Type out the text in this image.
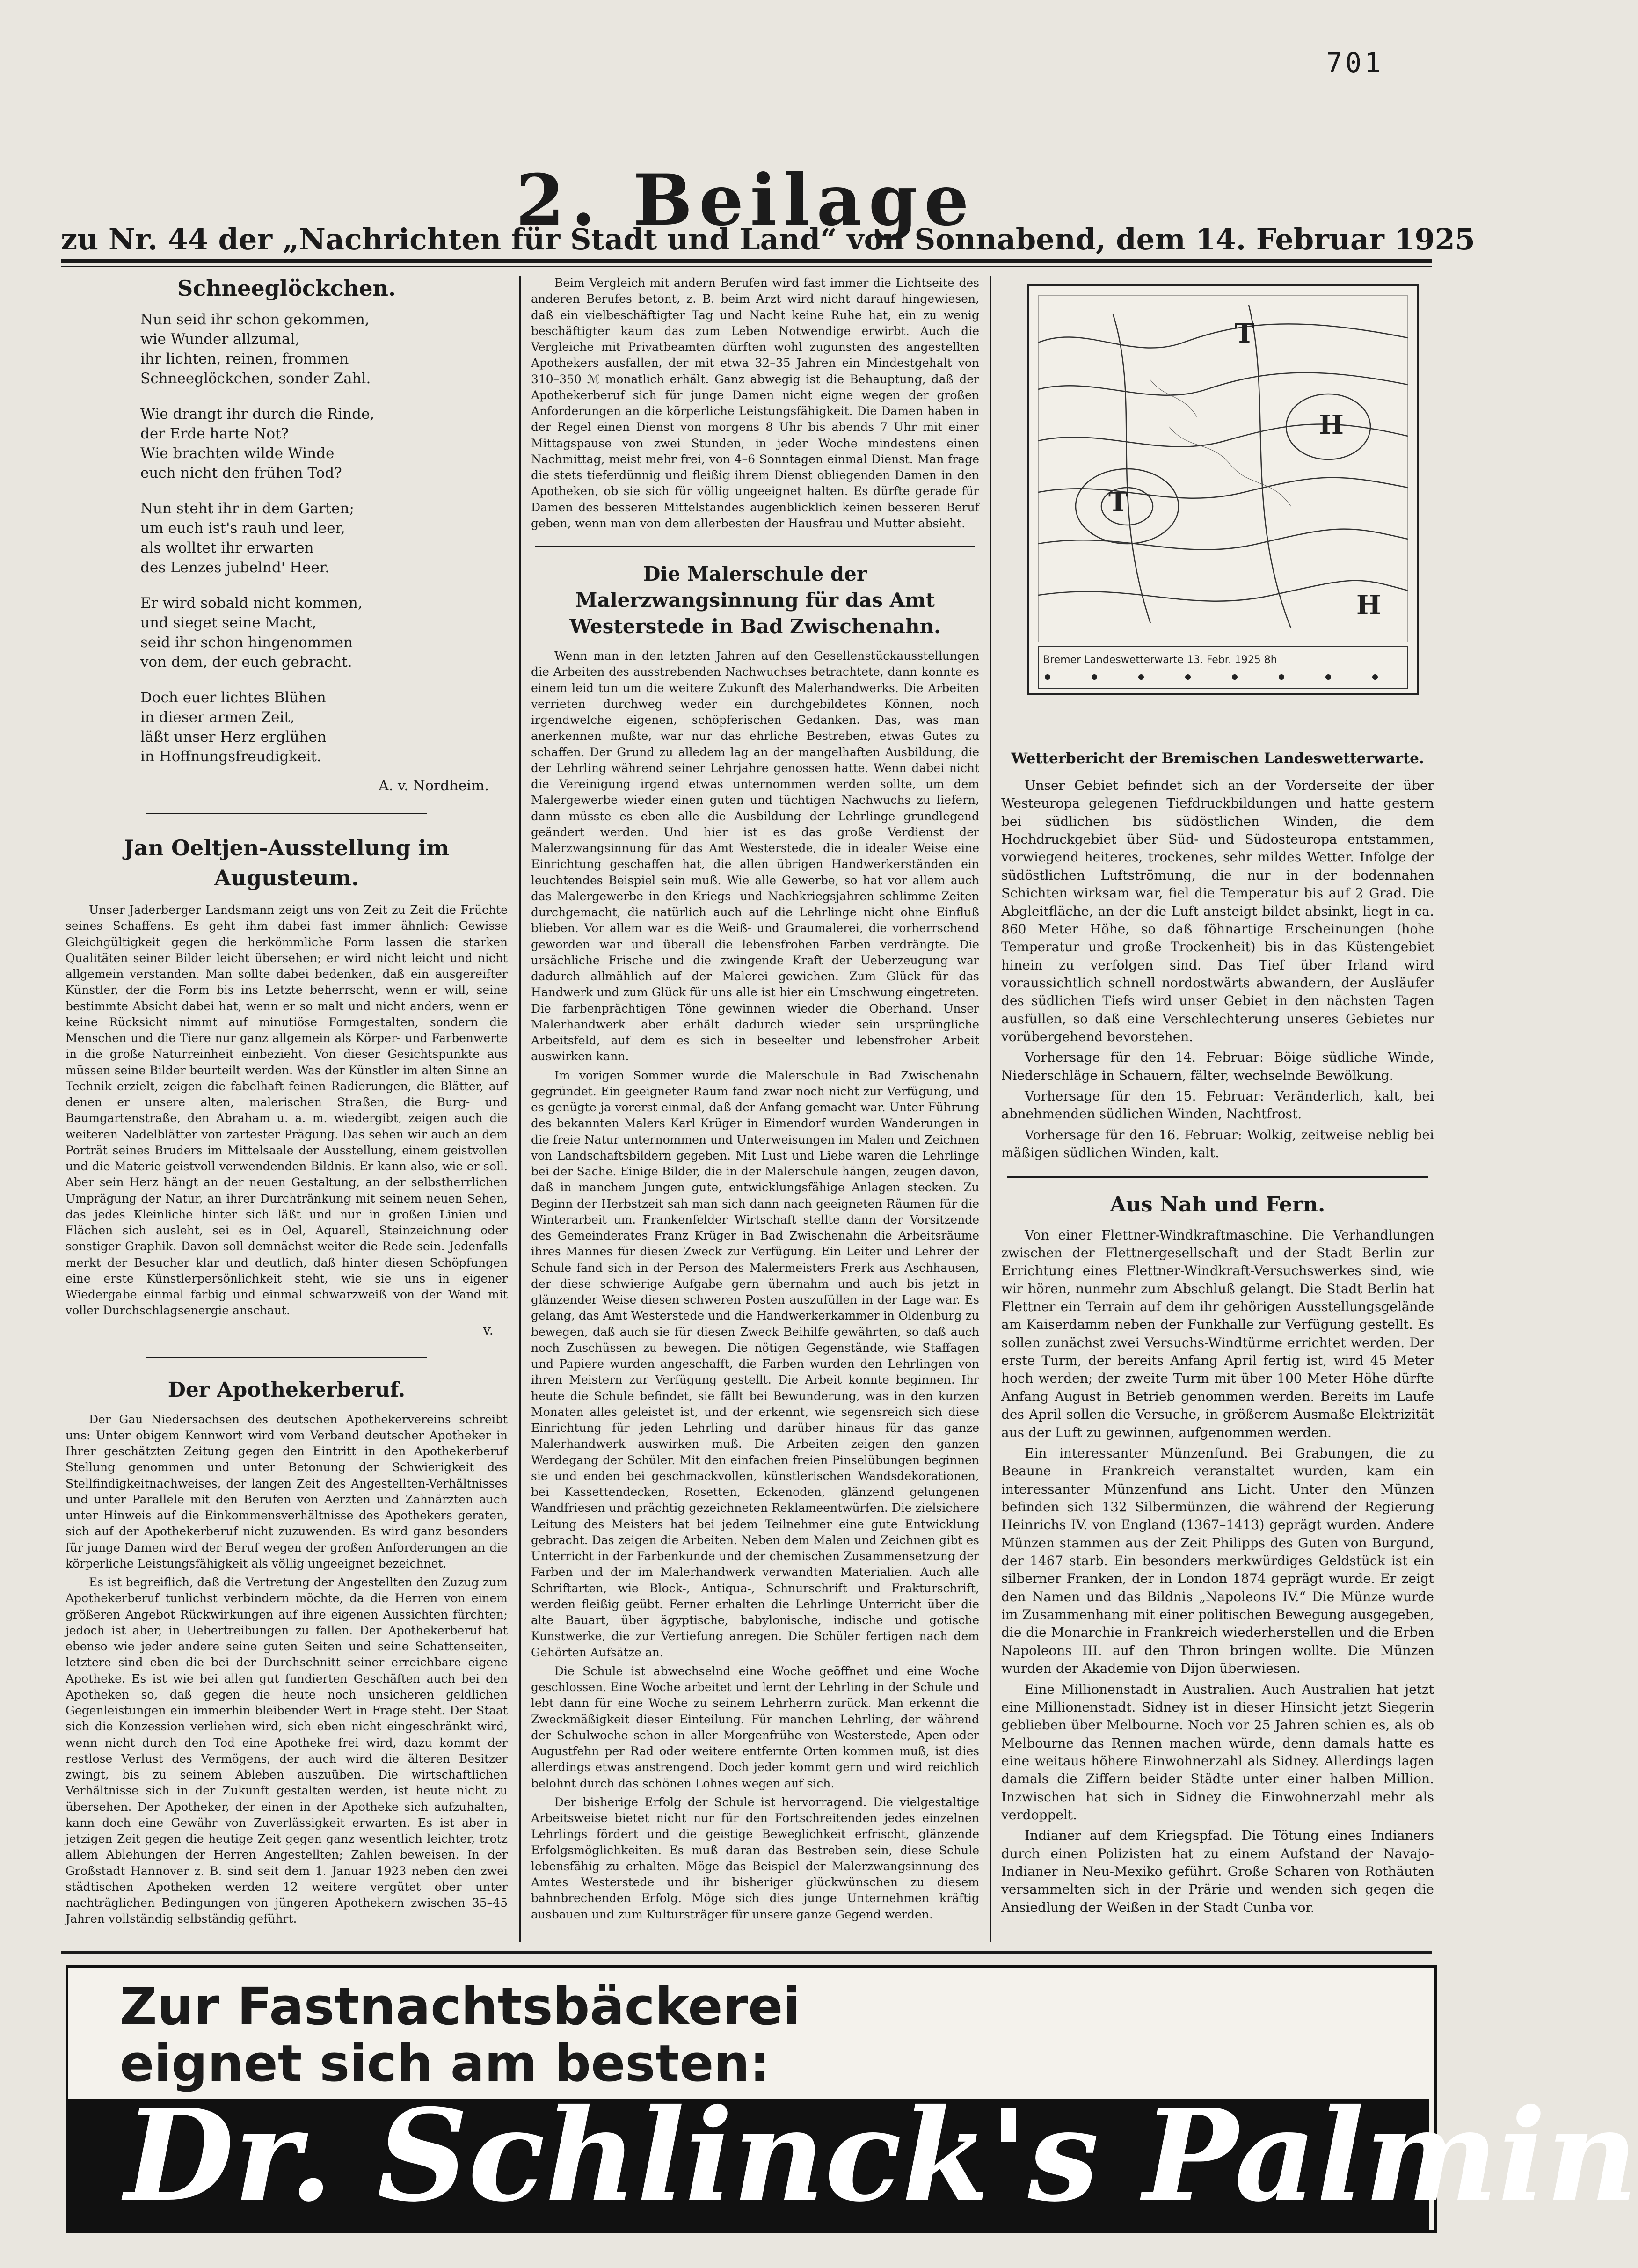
701
2. Beilage
zu Nr. 44 der „Nachrichten für Stadt und Land“ von Sonnabend, dem 14. Februar 1925
Schneeglöckchen.
Nun seid ihr schon gekommen,
wie Wunder allzumal,
ihr lichten, reinen, frommen
Schneeglöckchen, sonder Zahl.
Wie drangt ihr durch die Rinde,
der Erde harte Not?
Wie brachten wilde Winde
euch nicht den frühen Tod?
Nun steht ihr in dem Garten;
um euch ist's rauh und leer,
als wolltet ihr erwarten
des Lenzes jubelnd' Heer.
Er wird sobald nicht kommen,
und sieget seine Macht,
seid ihr schon hingenommen
von dem, der euch gebracht.
Doch euer lichtes Blühen
in dieser armen Zeit,
läßt unser Herz erglühen
in Hoffnungsfreudigkeit.
A. v. Nordheim.
Jan Oeltjen-Ausstellung im Augusteum.

Unser Jaderberger Landsmann zeigt uns von Zeit zu Zeit die Früchte seines Schaffens. Es geht ihm dabei fast immer ähnlich: Gewisse Gleichgültigkeit gegen die herkömmliche Form lassen die starken Qualitäten seiner Bilder leicht übersehen; er wird nicht leicht und nicht allgemein verstanden. Man sollte dabei bedenken, daß ein ausgereifter Künstler, der die Form bis ins Letzte beherrscht, wenn er will, seine bestimmte Absicht dabei hat, wenn er so malt und nicht anders, wenn er keine Rücksicht nimmt auf minutiöse Formgestalten, sondern die Menschen und die Tiere nur ganz allgemein als Körper- und Farbenwerte in die große Naturreinheit einbezieht. Von dieser Gesichtspunkte aus müssen seine Bilder beurteilt werden. Was der Künstler im alten Sinne an Technik erzielt, zeigen die fabelhaft feinen Radierungen, die Blätter, auf denen er unsere alten, malerischen Straßen, die Burg- und Baumgartenstraße, den Abraham u. a. m. wiedergibt, zeigen auch die weiteren Nadelblätter von zartester Prägung. Das sehen wir auch an dem Porträt seines Bruders im Mittelsaale der Ausstellung, einem geistvollen und die Materie geistvoll verwendenden Bildnis. Er kann also, wie er soll. Aber sein Herz hängt an der neuen Gestaltung, an der selbstherrlichen Umprägung der Natur, an ihrer Durchtränkung mit seinem neuen Sehen, das jedes Kleinliche hinter sich läßt und nur in großen Linien und Flächen sich ausleht, sei es in Oel, Aquarell, Steinzeichnung oder sonstiger Graphik. Davon soll demnächst weiter die Rede sein. Jedenfalls merkt der Besucher klar und deutlich, daß hinter diesen Schöpfungen eine erste Künstlerpersönlichkeit steht, wie sie uns in eigener Wiedergabe einmal farbig und einmal schwarzweiß von der Wand mit voller Durchschlagsenergie anschaut.

v.
Der Apothekerberuf.

Der Gau Niedersachsen des deutschen Apothekervereins schreibt uns: Unter obigem Kennwort wird vom Verband deutscher Apotheker in Ihrer geschätzten Zeitung gegen den Eintritt in den Apothekerberuf Stellung genommen und unter Betonung der Schwierigkeit des Stellfindigkeitnachweises, der langen Zeit des Angestellten-Verhältnisses und unter Parallele mit den Berufen von Aerzten und Zahnärzten auch unter Hinweis auf die Einkommensverhältnisse des Apothekers geraten, sich auf der Apothekerberuf nicht zuzuwenden. Es wird ganz besonders für junge Damen wird der Beruf wegen der großen Anforderungen an die körperliche Leistungsfähigkeit als völlig ungeeignet bezeichnet.

Es ist begreiflich, daß die Vertretung der Angestellten den Zuzug zum Apothekerberuf tunlichst verbindern möchte, da die Herren von einem größeren Angebot Rückwirkungen auf ihre eigenen Aussichten fürchten; jedoch ist aber, in Uebertreibungen zu fallen. Der Apothekerberuf hat ebenso wie jeder andere seine guten Seiten und seine Schattenseiten, letztere sind eben die bei der Durchschnitt seiner erreichbare eigene Apotheke. Es ist wie bei allen gut fundierten Geschäften auch bei den Apotheken so, daß gegen die heute noch unsicheren geldlichen Gegenleistungen ein immerhin bleibender Wert in Frage steht. Der Staat sich die Konzession verliehen wird, sich eben nicht eingeschränkt wird, wenn nicht durch den Tod eine Apotheke frei wird, dazu kommt der restlose Verlust des Vermögens, der auch wird die älteren Besitzer zwingt, bis zu seinem Ableben auszuüben. Die wirtschaftlichen Verhältnisse sich in der Zukunft gestalten werden, ist heute nicht zu übersehen. Der Apotheker, der einen in der Apotheke sich aufzuhalten, kann doch eine Gewähr von Zuverlässigkeit erwarten. Es ist aber in jetzigen Zeit gegen die heutige Zeit gegen ganz wesentlich leichter, trotz allem Ablehungen der Herren Angestellten; Zahlen beweisen. In der Großstadt Hannover z. B. sind seit dem 1. Januar 1923 neben den zwei städtischen Apotheken werden 12 weitere vergütet ober unter nachträglichen Bedingungen von jüngeren Apothekern zwischen 35–45 Jahren vollständig selbständig geführt.

Beim Vergleich mit andern Berufen wird fast immer die Lichtseite des anderen Berufes betont, z. B. beim Arzt wird nicht darauf hingewiesen, daß ein vielbeschäftigter Tag und Nacht keine Ruhe hat, ein zu wenig beschäftigter kaum das zum Leben Notwendige erwirbt. Auch die Vergleiche mit Privatbeamten dürften wohl zugunsten des angestellten Apothekers ausfallen, der mit etwa 32–35 Jahren ein Mindestgehalt von 310–350 ℳ monatlich erhält. Ganz abwegig ist die Behauptung, daß der Apothekerberuf sich für junge Damen nicht eigne wegen der großen Anforderungen an die körperliche Leistungsfähigkeit. Die Damen haben in der Regel einen Dienst von morgens 8 Uhr bis abends 7 Uhr mit einer Mittagspause von zwei Stunden, in jeder Woche mindestens einen Nachmittag, meist mehr frei, von 4–6 Sonntagen einmal Dienst. Man frage die stets tieferdünnig und fleißig ihrem Dienst obliegenden Damen in den Apotheken, ob sie sich für völlig ungeeignet halten. Es dürfte gerade für Damen des besseren Mittelstandes augenblicklich keinen besseren Beruf geben, wenn man von dem allerbesten der Hausfrau und Mutter absieht.

Die Malerschule der Malerzwangsinnung für das Amt Westerstede in Bad Zwischenahn.

Wenn man in den letzten Jahren auf den Gesellenstückausstellungen die Arbeiten des ausstrebenden Nachwuchses betrachtete, dann konnte es einem leid tun um die weitere Zukunft des Malerhandwerks. Die Arbeiten verrieten durchweg weder ein durchgebildetes Können, noch irgendwelche eigenen, schöpferischen Gedanken. Das, was man anerkennen mußte, war nur das ehrliche Bestreben, etwas Gutes zu schaffen. Der Grund zu alledem lag an der mangelhaften Ausbildung, die der Lehrling während seiner Lehrjahre genossen hatte. Wenn dabei nicht die Vereinigung irgend etwas unternommen werden sollte, um dem Malergewerbe wieder einen guten und tüchtigen Nachwuchs zu liefern, dann müsste es eben alle die Ausbildung der Lehrlinge grundlegend geändert werden. Und hier ist es das große Verdienst der Malerzwangsinnung für das Amt Westerstede, die in idealer Weise eine Einrichtung geschaffen hat, die allen übrigen Handwerkerständen ein leuchtendes Beispiel sein muß. Wie alle Gewerbe, so hat vor allem auch das Malergewerbe in den Kriegs- und Nachkriegsjahren schlimme Zeiten durchgemacht, die natürlich auch auf die Lehrlinge nicht ohne Einfluß blieben. Vor allem war es die Weiß- und Graumalerei, die vorherrschend geworden war und überall die lebensfrohen Farben verdrängte. Die ursächliche Frische und die zwingende Kraft der Ueberzeugung war dadurch allmählich auf der Malerei gewichen. Zum Glück für das Handwerk und zum Glück für uns alle ist hier ein Umschwung eingetreten. Die farbenprächtigen Töne gewinnen wieder die Oberhand. Unser Malerhandwerk aber erhält dadurch wieder sein ursprüngliche Arbeitsfeld, auf dem es sich in beseelter und lebensfroher Arbeit auswirken kann.

Im vorigen Sommer wurde die Malerschule in Bad Zwischenahn gegründet. Ein geeigneter Raum fand zwar noch nicht zur Verfügung, und es genügte ja vorerst einmal, daß der Anfang gemacht war. Unter Führung des bekannten Malers Karl Krüger in Eimendorf wurden Wanderungen in die freie Natur unternommen und Unterweisungen im Malen und Zeichnen von Landschaftsbildern gegeben. Mit Lust und Liebe waren die Lehrlinge bei der Sache. Einige Bilder, die in der Malerschule hängen, zeugen davon, daß in manchem Jungen gute, entwicklungsfähige Anlagen stecken. Zu Beginn der Herbstzeit sah man sich dann nach geeigneten Räumen für die Winterarbeit um. Frankenfelder Wirtschaft stellte dann der Vorsitzende des Gemeinderates Franz Krüger in Bad Zwischenahn die Arbeitsräume ihres Mannes für diesen Zweck zur Verfügung. Ein Leiter und Lehrer der Schule fand sich in der Person des Malermeisters Frerk aus Aschhausen, der diese schwierige Aufgabe gern übernahm und auch bis jetzt in glänzender Weise diesen schweren Posten auszufüllen in der Lage war. Es gelang, das Amt Westerstede und die Handwerkerkammer in Oldenburg zu bewegen, daß auch sie für diesen Zweck Beihilfe gewährten, so daß auch noch Zuschüssen zu bewegen. Die nötigen Gegenstände, wie Staffagen und Papiere wurden angeschafft, die Farben wurden den Lehrlingen von ihren Meistern zur Verfügung gestellt. Die Arbeit konnte beginnen. Ihr heute die Schule befindet, sie fällt bei Bewunderung, was in den kurzen Monaten alles geleistet ist, und der erkennt, wie segensreich sich diese Einrichtung für jeden Lehrling und darüber hinaus für das ganze Malerhandwerk auswirken muß. Die Arbeiten zeigen den ganzen Werdegang der Schüler. Mit den einfachen freien Pinselübungen beginnen sie und enden bei geschmackvollen, künstlerischen Wandsdekorationen, bei Kassettendecken, Rosetten, Eckenoden, glänzend gelungenen Wandfriesen und prächtig gezeichneten Reklameentwürfen. Die zielsichere Leitung des Meisters hat bei jedem Teilnehmer eine gute Entwicklung gebracht. Das zeigen die Arbeiten. Neben dem Malen und Zeichnen gibt es Unterricht in der Farbenkunde und der chemischen Zusammensetzung der Farben und der im Malerhandwerk verwandten Materialien. Auch alle Schriftarten, wie Block-, Antiqua-, Schnurschrift und Frakturschrift, werden fleißig geübt. Ferner erhalten die Lehrlinge Unterricht über die alte Bauart, über ägyptische, babylonische, indische und gotische Kunstwerke, die zur Vertiefung anregen. Die Schüler fertigen nach dem Gehörten Aufsätze an.

Die Schule ist abwechselnd eine Woche geöffnet und eine Woche geschlossen. Eine Woche arbeitet und lernt der Lehrling in der Schule und lebt dann für eine Woche zu seinem Lehrherrn zurück. Man erkennt die Zweckmäßigkeit dieser Einteilung. Für manchen Lehrling, der während der Schulwoche schon in aller Morgenfrühe von Westerstede, Apen oder Augustfehn per Rad oder weitere entfernte Orten kommen muß, ist dies allerdings etwas anstrengend. Doch jeder kommt gern und wird reichlich belohnt durch das schönen Lohnes wegen auf sich.

Der bisherige Erfolg der Schule ist hervorragend. Die vielgestaltige Arbeitsweise bietet nicht nur für den Fortschreitenden jedes einzelnen Lehrlings fördert und die geistige Beweglichkeit erfrischt, glänzende Erfolgsmöglichkeiten. Es muß daran das Bestreben sein, diese Schule lebensfähig zu erhalten. Möge das Beispiel der Malerzwangsinnung des Amtes Westerstede und ihr bisheriger glückwünschen zu diesem bahnbrechenden Erfolg. Möge sich dies junge Unternehmen kräftig ausbauen und zum Kultursträger für unsere ganze Gegend werden.

T
H
T
H
Bremer Landeswetterwarte 13. Febr. 1925 8h
Wetterbericht der Bremischen Landeswetterwarte.

Unser Gebiet befindet sich an der Vorderseite der über Westeuropa gelegenen Tiefdruckbildungen und hatte gestern bei südlichen bis südöstlichen Winden, die dem Hochdruckgebiet über Süd- und Südosteuropa entstammen, vorwiegend heiteres, trockenes, sehr mildes Wetter. Infolge der südöstlichen Luftströmung, die nur in der bodennahen Schichten wirksam war, fiel die Temperatur bis auf 2 Grad. Die Abgleitfläche, an der die Luft ansteigt bildet absinkt, liegt in ca. 860 Meter Höhe, so daß föhnartige Erscheinungen (hohe Temperatur und große Trockenheit) bis in das Küstengebiet hinein zu verfolgen sind. Das Tief über Irland wird voraussichtlich schnell nordostwärts abwandern, der Ausläufer des südlichen Tiefs wird unser Gebiet in den nächsten Tagen ausfüllen, so daß eine Verschlechterung unseres Gebietes nur vorübergehend bevorstehen.

Vorhersage für den 14. Februar: Böige südliche Winde, Niederschläge in Schauern, fälter, wechselnde Bewölkung.

Vorhersage für den 15. Februar: Veränderlich, kalt, bei abnehmenden südlichen Winden, Nachtfrost.

Vorhersage für den 16. Februar: Wolkig, zeitweise neblig bei mäßigen südlichen Winden, kalt.

Aus Nah und Fern.

Von einer Flettner-Windkraftmaschine. Die Verhandlungen zwischen der Flettnergesellschaft und der Stadt Berlin zur Errichtung eines Flettner-Windkraft-Versuchswerkes sind, wie wir hören, nunmehr zum Abschluß gelangt. Die Stadt Berlin hat Flettner ein Terrain auf dem ihr gehörigen Ausstellungsgelände am Kaiserdamm neben der Funkhalle zur Verfügung gestellt. Es sollen zunächst zwei Versuchs-Windtürme errichtet werden. Der erste Turm, der bereits Anfang April fertig ist, wird 45 Meter hoch werden; der zweite Turm mit über 100 Meter Höhe dürfte Anfang August in Betrieb genommen werden. Bereits im Laufe des April sollen die Versuche, in größerem Ausmaße Elektrizität aus der Luft zu gewinnen, aufgenommen werden.

Ein interessanter Münzenfund. Bei Grabungen, die zu Beaune in Frankreich veranstaltet wurden, kam ein interessanter Münzenfund ans Licht. Unter den Münzen befinden sich 132 Silbermünzen, die während der Regierung Heinrichs IV. von England (1367–1413) geprägt wurden. Andere Münzen stammen aus der Zeit Philipps des Guten von Burgund, der 1467 starb. Ein besonders merkwürdiges Geldstück ist ein silberner Franken, der in London 1874 geprägt wurde. Er zeigt den Namen und das Bildnis „Napoleons IV.“ Die Münze wurde im Zusammenhang mit einer politischen Bewegung ausgegeben, die die Monarchie in Frankreich wiederherstellen und die Erben Napoleons III. auf den Thron bringen wollte. Die Münzen wurden der Akademie von Dijon überwiesen.

Eine Millionenstadt in Australien. Auch Australien hat jetzt eine Millionenstadt. Sidney ist in dieser Hinsicht jetzt Siegerin geblieben über Melbourne. Noch vor 25 Jahren schien es, als ob Melbourne das Rennen machen würde, denn damals hatte es eine weitaus höhere Einwohnerzahl als Sidney. Allerdings lagen damals die Ziffern beider Städte unter einer halben Million. Inzwischen hat sich in Sidney die Einwohnerzahl mehr als verdoppelt.

Indianer auf dem Kriegspfad. Die Tötung eines Indianers durch einen Polizisten hat zu einem Aufstand der Navajo-Indianer in Neu-Mexiko geführt. Große Scharen von Rothäuten versammelten sich in der Prärie und wenden sich gegen die Ansiedlung der Weißen in der Stadt Cunba vor.

Zur Fastnachtsbäckerei
eignet sich am besten:
Dr. Schlinck's Palmin
